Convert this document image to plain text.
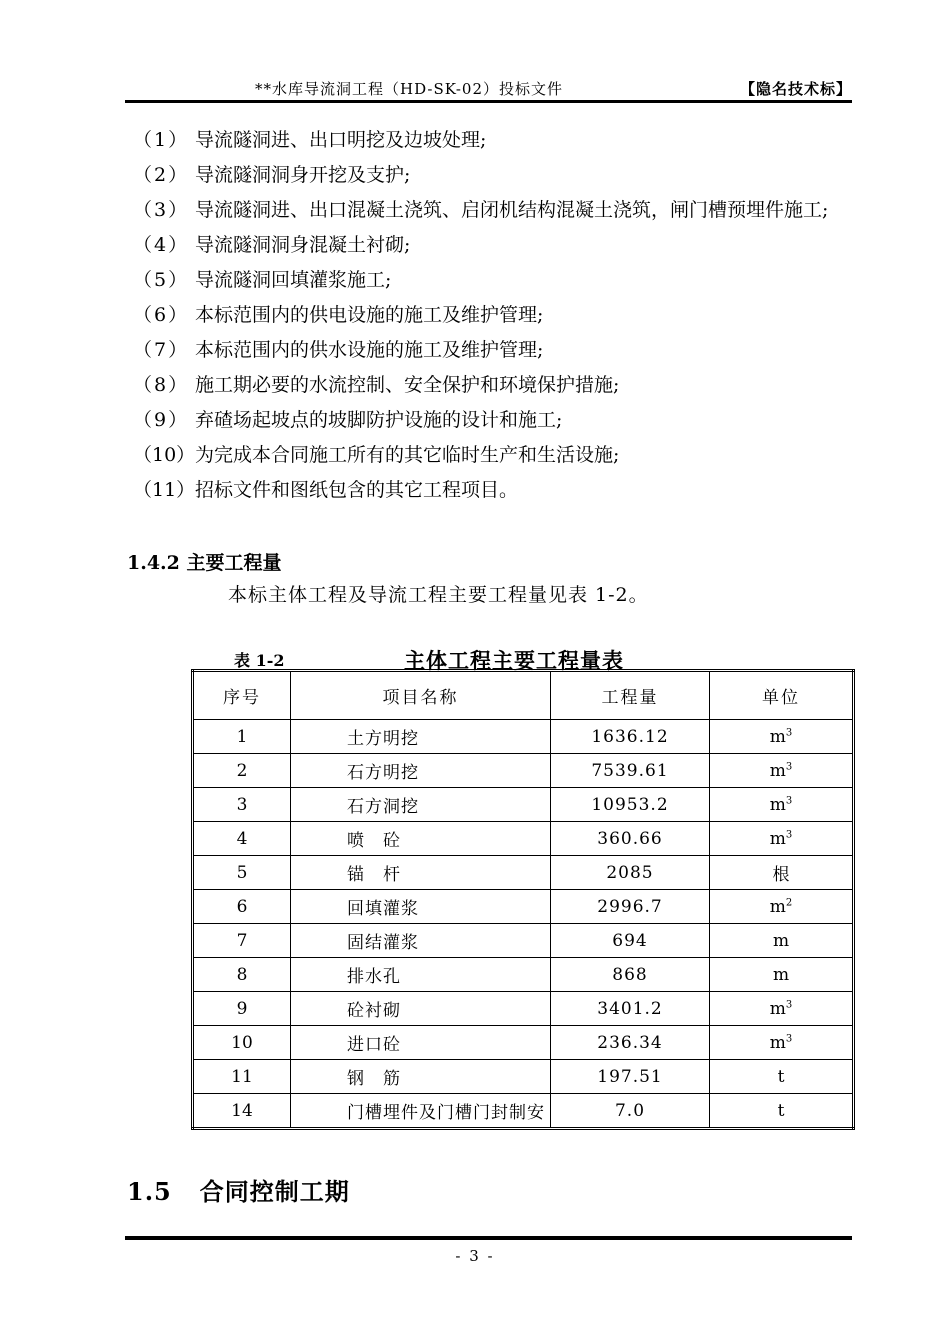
**水库导流洞工程（HD-SK-02）投标文件	【隐名技术标】
（1） 导流隧洞进、出口明挖及边坡处理;
（2） 导流隧洞洞身开挖及支护;
（3） 导流隧洞进、出口混凝土浇筑、启闭机结构混凝土浇筑，闸门槽预埋件施工;
（4） 导流隧洞洞身混凝土衬砌;
（5） 导流隧洞回填灌浆施工;
（6） 本标范围内的供电设施的施工及维护管理;
（7） 本标范围内的供水设施的施工及维护管理;
（8） 施工期必要的水流控制、安全保护和环境保护措施;
（9） 弃碴场起坡点的坡脚防护设施的设计和施工;
（10） 为完成本合同施工所有的其它临时生产和生活设施;
（11） 招标文件和图纸包含的其它工程项目。
1.4.2 主要工程量
本标主体工程及导流工程主要工程量见表 1-2。
表 1-2	主体工程主要工程量表
序号	项目名称	工程量	单位
1	土方明挖	1636.12	$m^3$
2	石方明挖	7539.61	$m^3$
3	石方洞挖	10953.2	$m^3$
4	喷　砼	360.66	$m^3$
5	锚　杆	2085	根
6	回填灌浆	2996.7	$m^2$
7	固结灌浆	694	m
8	排水孔	868	m
9	砼衬砌	3401.2	$m^3$
10	进口砼	236.34	$m^3$
11	钢　筋	197.51	t
14	门槽埋件及门槽门封制安	7.0	t
1.5 合同控制工期
- 3 -
